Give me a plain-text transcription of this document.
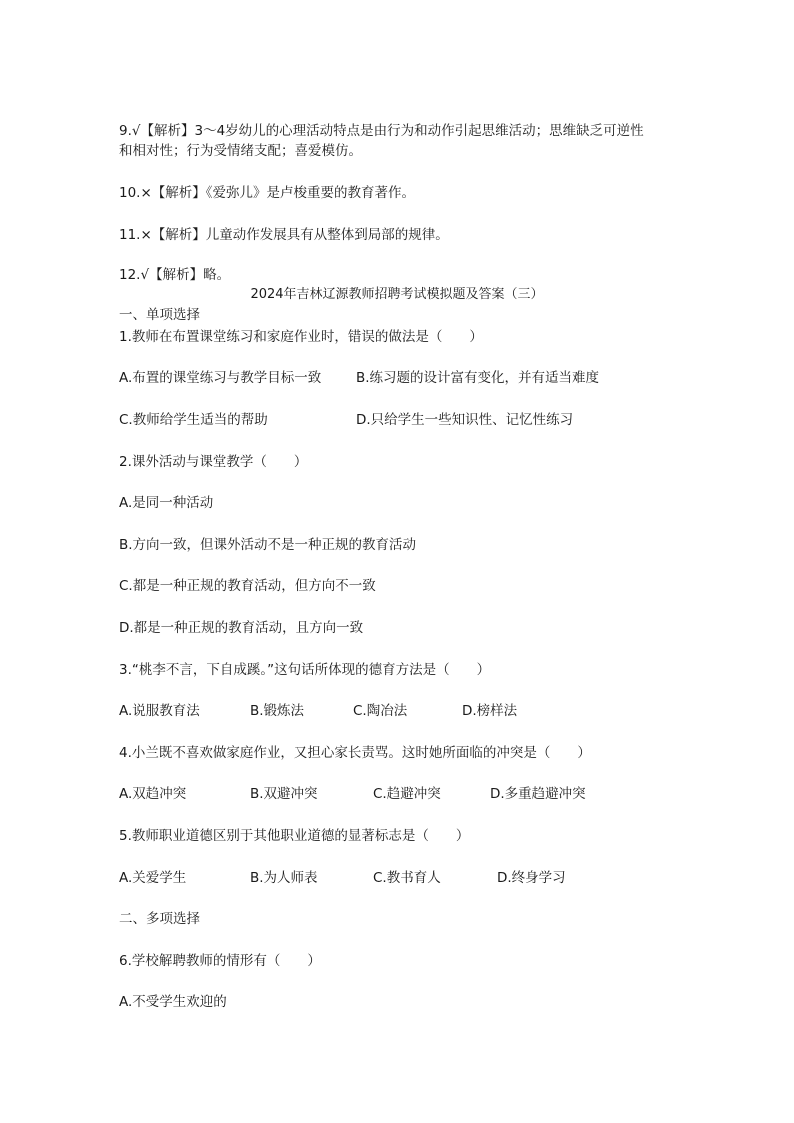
9.√【解析】3～4岁幼儿的心理活动特点是由行为和动作引起思维活动；思维缺乏可逆性

和相对性；行为受情绪支配；喜爱模仿。

10.×【解析】《爱弥儿》是卢梭重要的教育著作。

11.×【解析】儿童动作发展具有从整体到局部的规律。

12.√【解析】略。

2024年吉林辽源教师招聘考试模拟题及答案（三）

一、单项选择

1.教师在布置课堂练习和家庭作业时，错误的做法是（　　）

A.布置的课堂练习与教学目标一致	B.练习题的设计富有变化，并有适当难度

C.教师给学生适当的帮助	D.只给学生一些知识性、记忆性练习

2.课外活动与课堂教学（　　）

A.是同一种活动

B.方向一致，但课外活动不是一种正规的教育活动

C.都是一种正规的教育活动，但方向不一致

D.都是一种正规的教育活动，且方向一致

3.“桃李不言，下自成蹊。”这句话所体现的德育方法是（　　）

A.说服教育法	B.锻炼法	C.陶冶法	D.榜样法

4.小兰既不喜欢做家庭作业，又担心家长责骂。这时她所面临的冲突是（　　）

A.双趋冲突	B.双避冲突	C.趋避冲突	D.多重趋避冲突

5.教师职业道德区别于其他职业道德的显著标志是（　　）

A.关爱学生	B.为人师表	C.教书育人	D.终身学习

二、多项选择

6.学校解聘教师的情形有（　　）

A.不受学生欢迎的
